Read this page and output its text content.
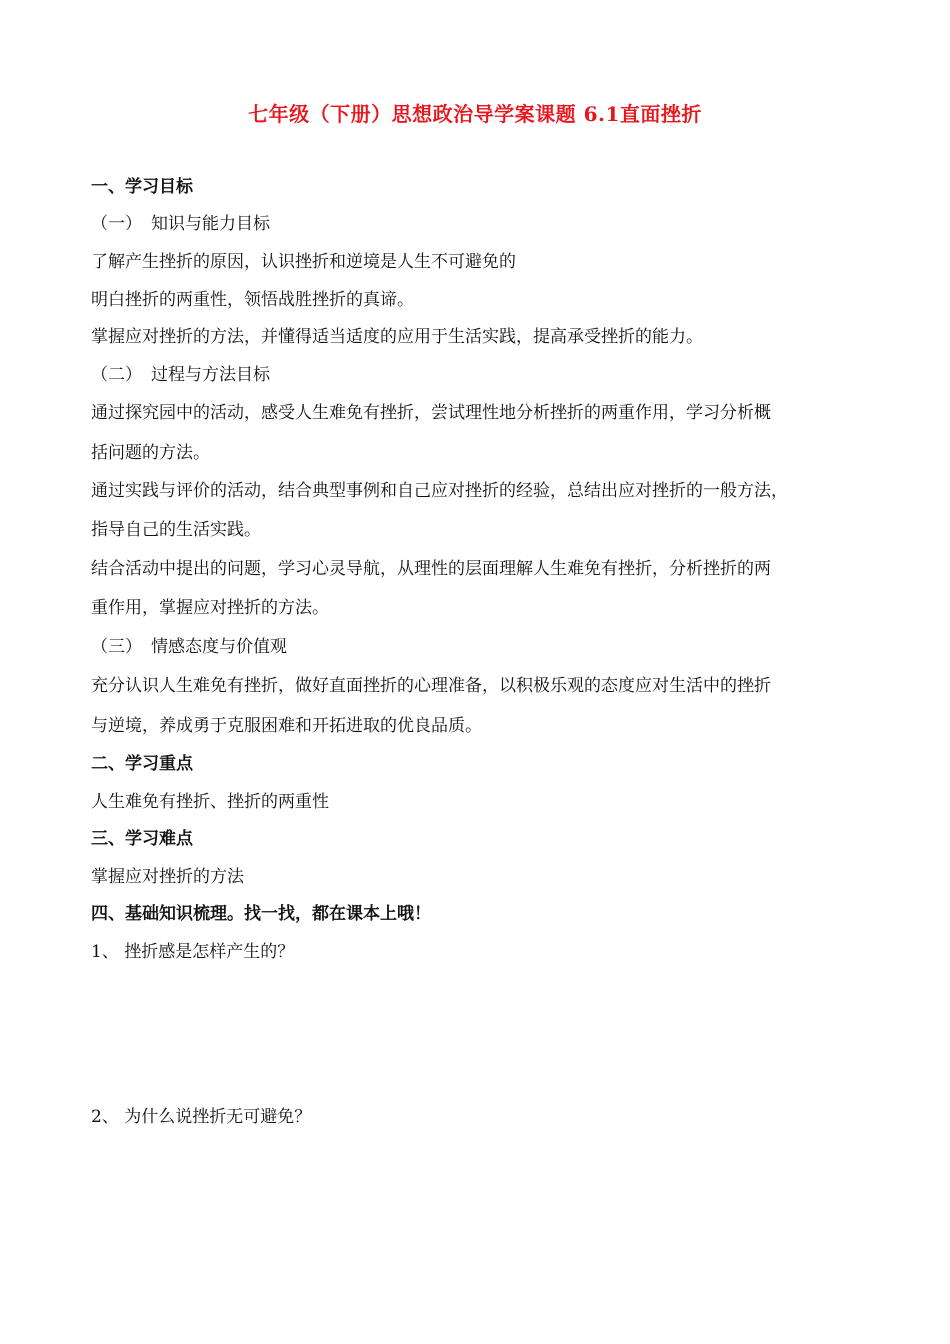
七年级（下册）思想政治导学案课题 6.1直面挫折
一、学习目标
（一） 知识与能力目标
了解产生挫折的原因，认识挫折和逆境是人生不可避免的
明白挫折的两重性，领悟战胜挫折的真谛。
掌握应对挫折的方法，并懂得适当适度的应用于生活实践，提高承受挫折的能力。
（二） 过程与方法目标
通过探究园中的活动，感受人生难免有挫折，尝试理性地分析挫折的两重作用，学习分析概
括问题的方法。
通过实践与评价的活动，结合典型事例和自己应对挫折的经验，总结出应对挫折的一般方法，
指导自己的生活实践。
结合活动中提出的问题，学习心灵导航，从理性的层面理解人生难免有挫折，分析挫折的两
重作用，掌握应对挫折的方法。
（三） 情感态度与价值观
充分认识人生难免有挫折，做好直面挫折的心理准备，以积极乐观的态度应对生活中的挫折
与逆境，养成勇于克服困难和开拓进取的优良品质。
二、学习重点
人生难免有挫折、挫折的两重性
三、学习难点
掌握应对挫折的方法
四、基础知识梳理。找一找，都在课本上哦！
1、 挫折感是怎样产生的？
2、 为什么说挫折无可避免？
